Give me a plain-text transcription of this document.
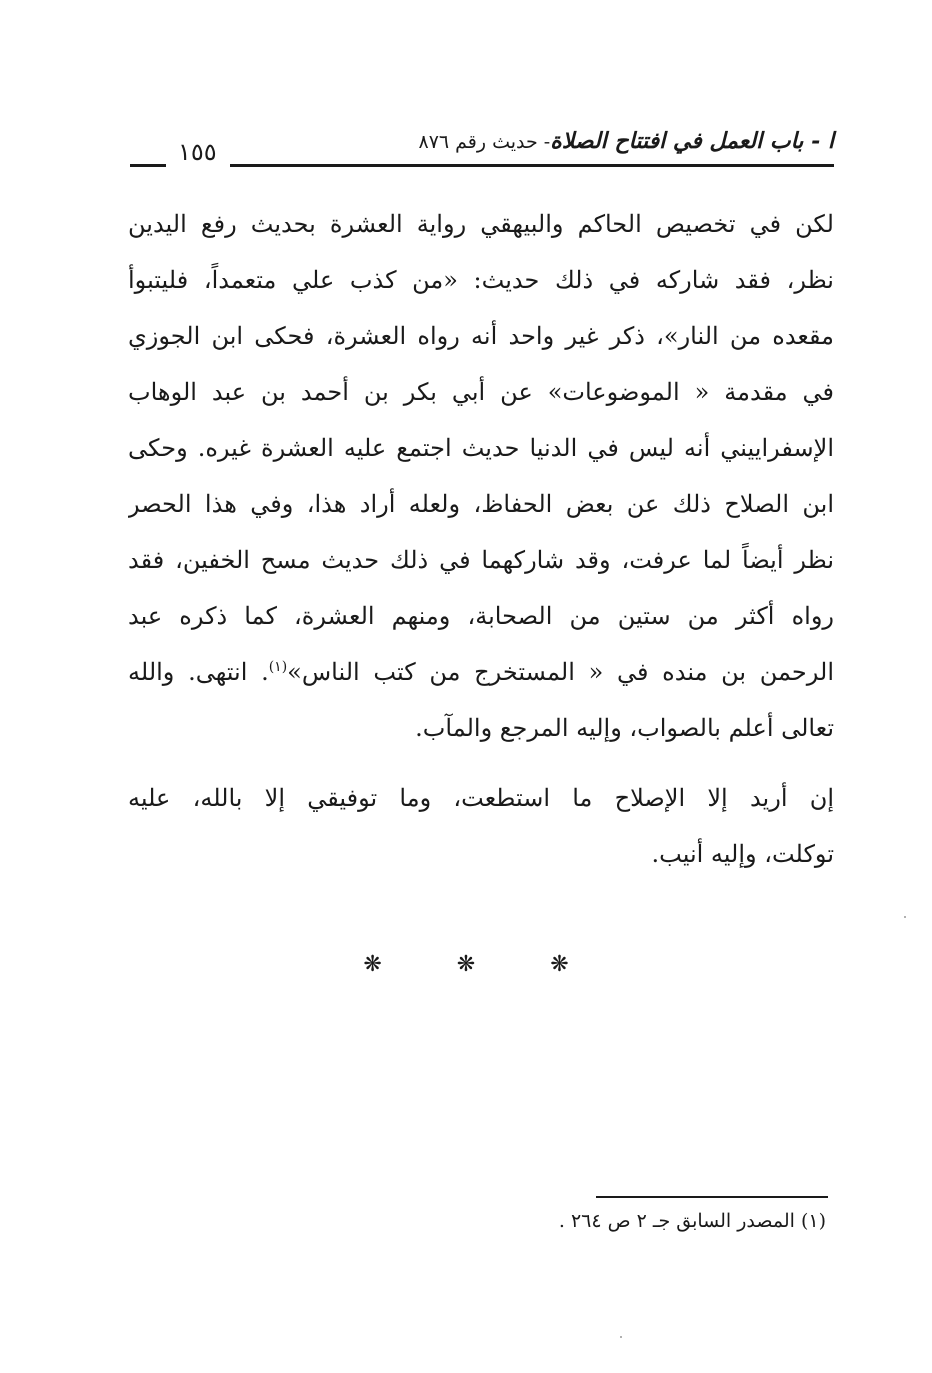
ا - باب العمل في افتتاح الصلاة- حديث رقم ٨٧٦
١٥٥
لكن في تخصيص الحاكم والبيهقي رواية العشرة بحديث رفع اليدين
نظر، فقد شاركه في ذلك حديث: «من كذب علي متعمداً، فليتبوأ
مقعده من النار»، ذكر غير واحد أنه رواه العشرة، فحكى ابن الجوزي
في مقدمة « الموضوعات» عن أبي بكر بن أحمد بن عبد الوهاب
الإسفراييني أنه ليس في الدنيا حديث اجتمع عليه العشرة غيره. وحكى
ابن الصلاح ذلك عن بعض الحفاظ، ولعله أراد هذا، وفي هذا الحصر
نظر أيضاً لما عرفت، وقد شاركهما في ذلك حديث مسح الخفين، فقد
رواه أكثر من ستين من الصحابة، ومنهم العشرة، كما ذكره عبد
الرحمن بن منده في « المستخرج من كتب الناس»$^{(١)}$. انتهى. والله
تعالى أعلم بالصواب، وإليه المرجع والمآب.
إن أريد إلا الإصلاح ما استطعت، وما توفيقي إلا بالله، عليه
توكلت، وإليه أنيب.
❋ ❋ ❋
(١) المصدر السابق جـ ٢ ص ٢٦٤ .
